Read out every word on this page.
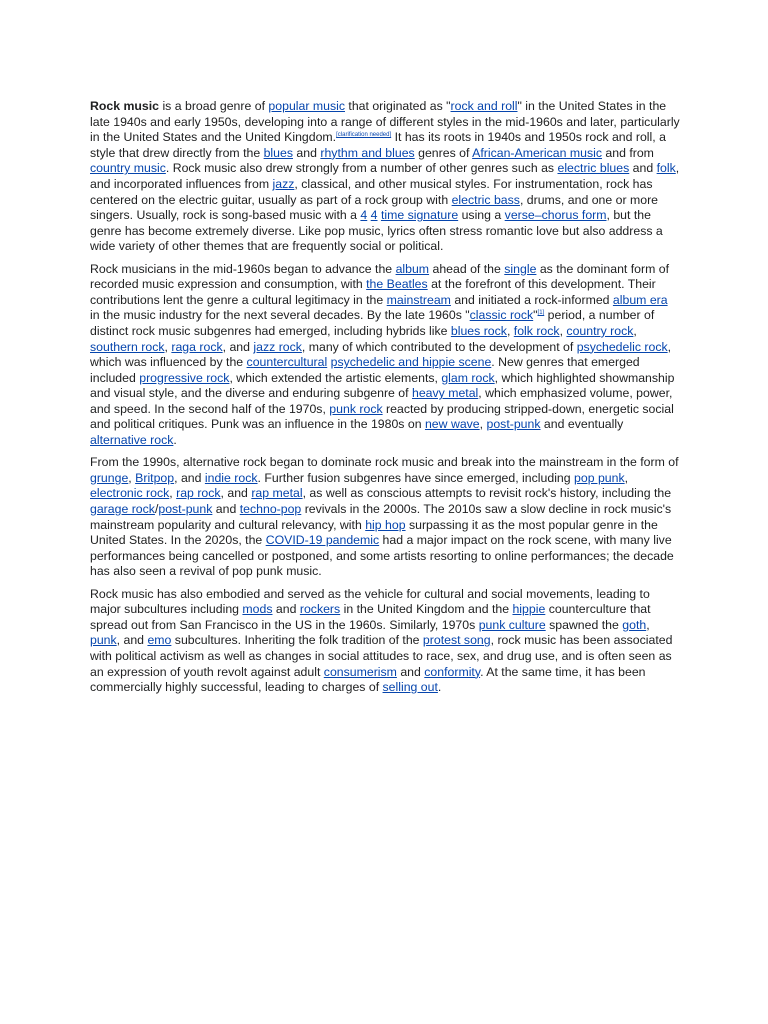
Rock music is a broad genre of popular music that originated as "rock and roll" in the United States in the late 1940s and early 1950s, developing into a range of different styles in the mid-1960s and later, particularly in the United States and the United Kingdom.[clarification needed] It has its roots in 1940s and 1950s rock and roll, a style that drew directly from the blues and rhythm and blues genres of African-American music and from country music. Rock music also drew strongly from a number of other genres such as electric blues and folk, and incorporated influences from jazz, classical, and other musical styles. For instrumentation, rock has centered on the electric guitar, usually as part of a rock group with electric bass, drums, and one or more singers. Usually, rock is song-based music with a 4 4 time signature using a verse–chorus form, but the genre has become extremely diverse. Like pop music, lyrics often stress romantic love but also address a wide variety of other themes that are frequently social or political.

Rock musicians in the mid-1960s began to advance the album ahead of the single as the dominant form of recorded music expression and consumption, with the Beatles at the forefront of this development. Their contributions lent the genre a cultural legitimacy in the mainstream and initiated a rock-informed album era in the music industry for the next several decades. By the late 1960s "classic rock"[1] period, a number of distinct rock music subgenres had emerged, including hybrids like blues rock, folk rock, country rock, southern rock, raga rock, and jazz rock, many of which contributed to the development of psychedelic rock, which was influenced by the countercultural psychedelic and hippie scene. New genres that emerged included progressive rock, which extended the artistic elements, glam rock, which highlighted showmanship and visual style, and the diverse and enduring subgenre of heavy metal, which emphasized volume, power, and speed. In the second half of the 1970s, punk rock reacted by producing stripped-down, energetic social and political critiques. Punk was an influence in the 1980s on new wave, post-punk and eventually alternative rock.

From the 1990s, alternative rock began to dominate rock music and break into the mainstream in the form of grunge, Britpop, and indie rock. Further fusion subgenres have since emerged, including pop punk, electronic rock, rap rock, and rap metal, as well as conscious attempts to revisit rock's history, including the garage rock/post-punk and techno-pop revivals in the 2000s. The 2010s saw a slow decline in rock music's mainstream popularity and cultural relevancy, with hip hop surpassing it as the most popular genre in the United States. In the 2020s, the COVID-19 pandemic had a major impact on the rock scene, with many live performances being cancelled or postponed, and some artists resorting to online performances; the decade has also seen a revival of pop punk music.

Rock music has also embodied and served as the vehicle for cultural and social movements, leading to major subcultures including mods and rockers in the United Kingdom and the hippie counterculture that spread out from San Francisco in the US in the 1960s. Similarly, 1970s punk culture spawned the goth, punk, and emo subcultures. Inheriting the folk tradition of the protest song, rock music has been associated with political activism as well as changes in social attitudes to race, sex, and drug use, and is often seen as an expression of youth revolt against adult consumerism and conformity. At the same time, it has been commercially highly successful, leading to charges of selling out.
